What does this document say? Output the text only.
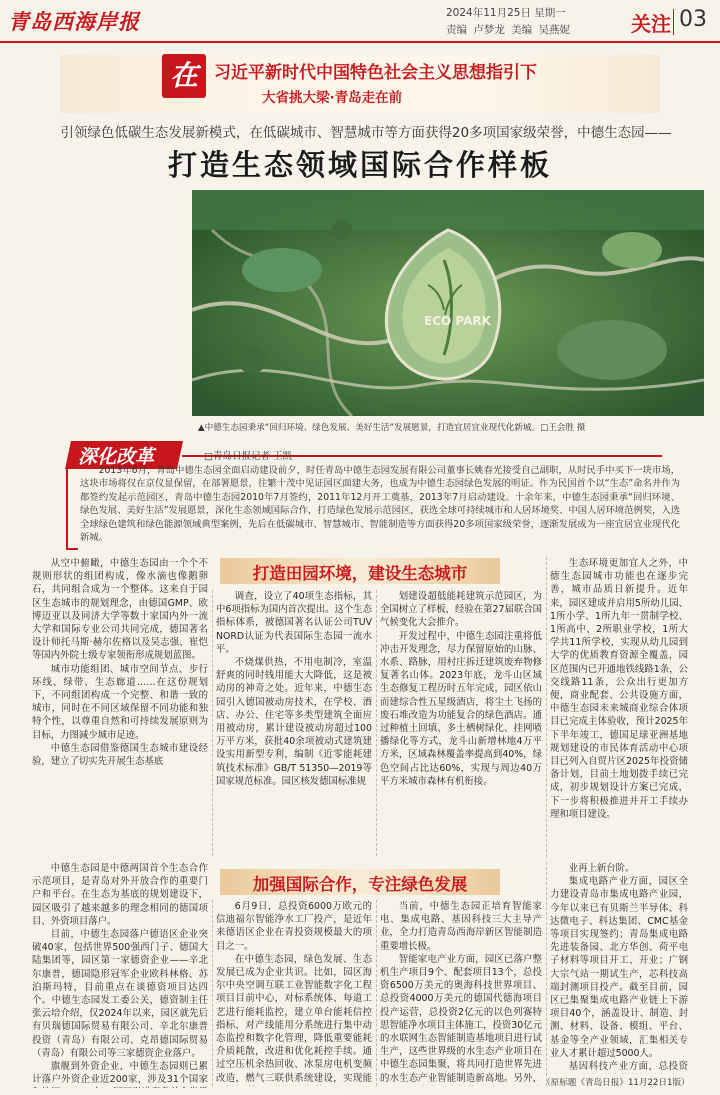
青岛西海岸报	2024年11月25日 星期一
责编 卢梦龙 美编 吴燕妮	关注 03
在 习近平新时代中国特色社会主义思想指引下
大省挑大梁·青岛走在前
引领绿色低碳生态发展新模式，在低碳城市、智慧城市等方面获得20多项国家级荣誉，中德生态园——
打造生态领域国际合作样板
ECO PARK
▲中德生态园秉承“回归环境、绿色发展、美好生活”发展愿景，打造宜居宜业现代化新城。□王会胜 摄
深化改革	□青岛日报记者 王凯
2013年6月，青岛中德生态园全面启动建设前夕，时任青岛中德生态园发展有限公司董事长姚春光接受自己副职，从时民手中买下一块市场，这块市场将仅在京仪显保留，在部署愿景，往繁十茂中见证园区面建大务，也成为中德生态园绿色发展的明证。作为民国首个以“生态”命名并作为都签约发起示范园区，青岛中德生态园2010年7月签约，2011年12月开工奠基，2013年7月启动建设。十余年来，中德生态园秉承“回归环境、绿色发展、美好生活”发展愿景，深化生态领域国际合作，打造绿色发展示范园区，获选全球可持续城市和人居环境奖、中国人居环境范例奖，入选全球绿色建筑和绿色能源领域典型案例，先后在低碳城市、智慧城市、智能制造等方面获得20多项国家级荣誉，逐渐发展成为一座宜居宜业现代化新城。
打造田园环境，建设生态城市

从空中俯瞰，中德生态园由一个个不规则形状的组团构成，像水滴也像鹅卵石，共同组合成为一个整体。这来自于园区生态城市的规划理念，由德国GMP、欧博迈亚以及同济大学等数十家国内外一流大学和国际专业公司共同完成，德国著名设计师托马斯·赫尔佐格以及吴志强、崔恺等国内外院士级专家领衔形成规划蓝图。

城市功能组团、城市空间节点、步行环线、绿带、生态廊道……在这份规划下，不同组团构成一个完整、和谐一致的城市，同时在不同区域保留不同功能和独特个性，以尊重自然和可持续发展原则为目标，力图减少城市足迹。

中德生态园借鉴德国生态城市建设经验，建立了切实先开展生态基底

调查，设立了40项生态指标，其中6项指标为国内首次提出。这个生态指标体系，被德国著名认证公司TUV NORD认证为代表国际生态园一流水平。

不烧煤供热，不用电制冷，室温舒爽的同时钱用能大大降低，这是被动房的神奇之处。近年来，中德生态园引入德国被动房技术，在学校、酒店、办公、住宅等多类型建筑全面应用被动房，累计建设被动房超过100万平方米，获批40余项被动式建筑建设实用新型专利，编制《近零能耗建筑技术标准》GB/T 51350—2019等国家规范标准。园区核发德国标准规

划建设超低能耗建筑示范园区，为全国树立了样板，经验在第27届联合国气候变化大会推介。

开发过程中，中德生态园注重将低冲击开发理念，尽力保留原始的山脉、水系、路脉，用村庄拆迁建筑废弃物修复著名山体。2023年底，龙斗山区域生态修复工程历时五年完成，园区依山而建综合性五星级酒店，将尘土飞扬的废石堆改造为功能复合的绿色酒店。通过种植土回填、多土栖树绿化、挂网喷播绿化等方式，龙斗山新增林地4万平方米，区域森林覆盖率提高到40%，绿色空间占比达60%，实现与周边40万平方米城市森林有机衔接。

生态环境更加宜人之外，中德生态园城市功能也在逐步完善，城市品质日新提升。近年来，园区建成并启用5所幼儿园、1所小学、1所九年一贯制学校、1所高中、2所职业学校，1所大学共11所学校，实现从幼儿园到大学的优质教育资源全覆盖，园区范围内已开通地铁线路1条，公交线路11条，公众出行更加方便，商业配套、公共设施方面，中德生态园未来城商业综合体项目已完成主体验收，预计2025年下半年竣工，德国足球亚洲基地规划建设的市民体育活动中心项目已列入自贸片区2025年投资储备计划，目前土地划拨手续已完成，初步规划设计方案已完成，下一步将积极推进并开工手续办理和项目建设。

加强国际合作，专注绿色发展

中德生态园是中德两国首个生态合作示范项目，是青岛对外开放合作的重要门户和平台。在生态为基底的规划建设下，园区吸引了越来越多的理念相同的德国项目、外资项目落户。

目前，中德生态园落户德语区企业突破40家，包括世界500强西门子、德国大陆集团等，园区第一家德资企业——辛北尔康普，德国隐形冠军企业欧科林格、苏泊斯玛特，目前重点在谈德资项目达四个。中德生态园发工委公关，德资制主任张云培介绍，仅2024年以来，园区就先后有贝瑞德国际贸易有限公司、辛北尔康普投资（青岛）有限公司、克昂德国际贸易（青岛）有限公司等三家德资企业落户。

旗舰到外资企业，中德生态园则已累计落户外资企业近200家，涉及31个国家

6月9日，总投资6000万欧元的信迪福尔智能净水工厂投产，是近年来德语区企业在青投资规模最大的项目之一。

在中德生态园，绿色发展、生态发展已成为企业共识。比如，园区海尔中央空调互联工业智能数字化工程项目目前中心，对标系统体、每道工艺进行能耗监控，建立单台能耗信控指标，对产线能用分系统进行集中动态监控和数字化管理，降低重要能耗介质耗散，改进和优化耗控手续。通过空压机余热回收、冰泵房电机变频改造，燃气三联供系统建设，实现能

当前，中德生态园正培育智能家电、集成电路、基因科技三大主导产业，全力打造青岛西海岸新区智能制造重要增长极。

智能家电产业方面，园区已落户整机生产项目9个、配套项目13个，总投资6500万美元的奥海科技世界项目、总投资4000万美元的德国代德海项目投产运营，总投资2亿元的以色列赛特思智能净水项目主体施工，投资30亿元的水联网生态智能制造基地项目进行试生产，这些世界级的水生态产业项目在中德生态园集聚，将共同打造世界先进的水生态产业智能制造新高地。另外，

业再上新台阶。

集成电路产业方面，园区全力建设青岛市集成电路产业园，今年以来已有贝斯兰半导体、科达微电子、科达集团、CMC基金等项目实现签约；青岛集成电路先进装备园、北方华创、荷平电子材料等项目开工、开业；广钢大宗气站一期试生产，芯科技高端封测项目投产。截至目前，园区已集聚集成电路产业链上下游项目40个，涵盖设计、制造、封测、材料、设备、模组、平台、基金等全产业领域，汇集相关专业人才累计超过5000人。

基因科技产业方面，总投资

（原标题《青岛日报》11月22日1版）
